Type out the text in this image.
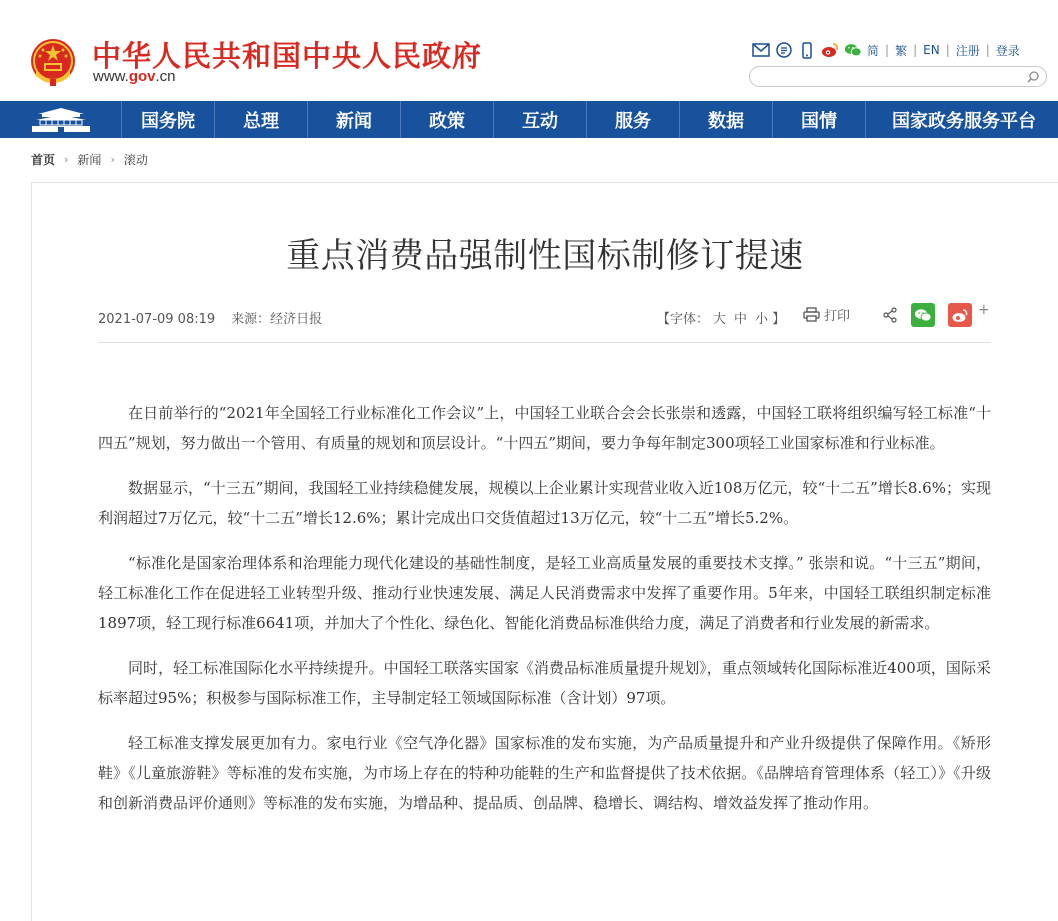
中华人民共和国中央人民政府
www.gov.cn
简 | 繁 | EN | 注册 | 登录
国务院	总理	新闻	政策	互动	服务	数据	国情	国家政务服务平台
首页 › 新闻 › 滚动
重点消费品强制性国标制修订提速
2021-07-09 08:19 来源：经济日报	【字体： 大 中 小 】	打印	+

在日前举行的“2021年全国轻工行业标准化工作会议”上，中国轻工业联合会会长张崇和透露，中国轻工联将组织编写轻工标准“十四五”规划，努力做出一个管用、有质量的规划和顶层设计。“十四五”期间，要力争每年制定300项轻工业国家标准和行业标准。

数据显示，“十三五”期间，我国轻工业持续稳健发展，规模以上企业累计实现营业收入近108万亿元，较“十二五”增长8.6%；实现利润超过7万亿元，较“十二五”增长12.6%；累计完成出口交货值超过13万亿元，较“十二五”增长5.2%。

“标准化是国家治理体系和治理能力现代化建设的基础性制度，是轻工业高质量发展的重要技术支撑。” 张崇和说。“十三五”期间，轻工标准化工作在促进轻工业转型升级、推动行业快速发展、满足人民消费需求中发挥了重要作用。5年来，中国轻工联组织制定标准1897项，轻工现行标准6641项，并加大了个性化、绿色化、智能化消费品标准供给力度，满足了消费者和行业发展的新需求。

同时，轻工标准国际化水平持续提升。中国轻工联落实国家《消费品标准质量提升规划》，重点领域转化国际标准近400项，国际采标率超过95%；积极参与国际标准工作，主导制定轻工领域国际标准（含计划）97项。

轻工标准支撑发展更加有力。家电行业《空气净化器》国家标准的发布实施，为产品质量提升和产业升级提供了保障作用。《矫形鞋》《儿童旅游鞋》等标准的发布实施，为市场上存在的特种功能鞋的生产和监督提供了技术依据。《品牌培育管理体系（轻工）》《升级和创新消费品评价通则》等标准的发布实施，为增品种、提品质、创品牌、稳增长、调结构、增效益发挥了推动作用。
